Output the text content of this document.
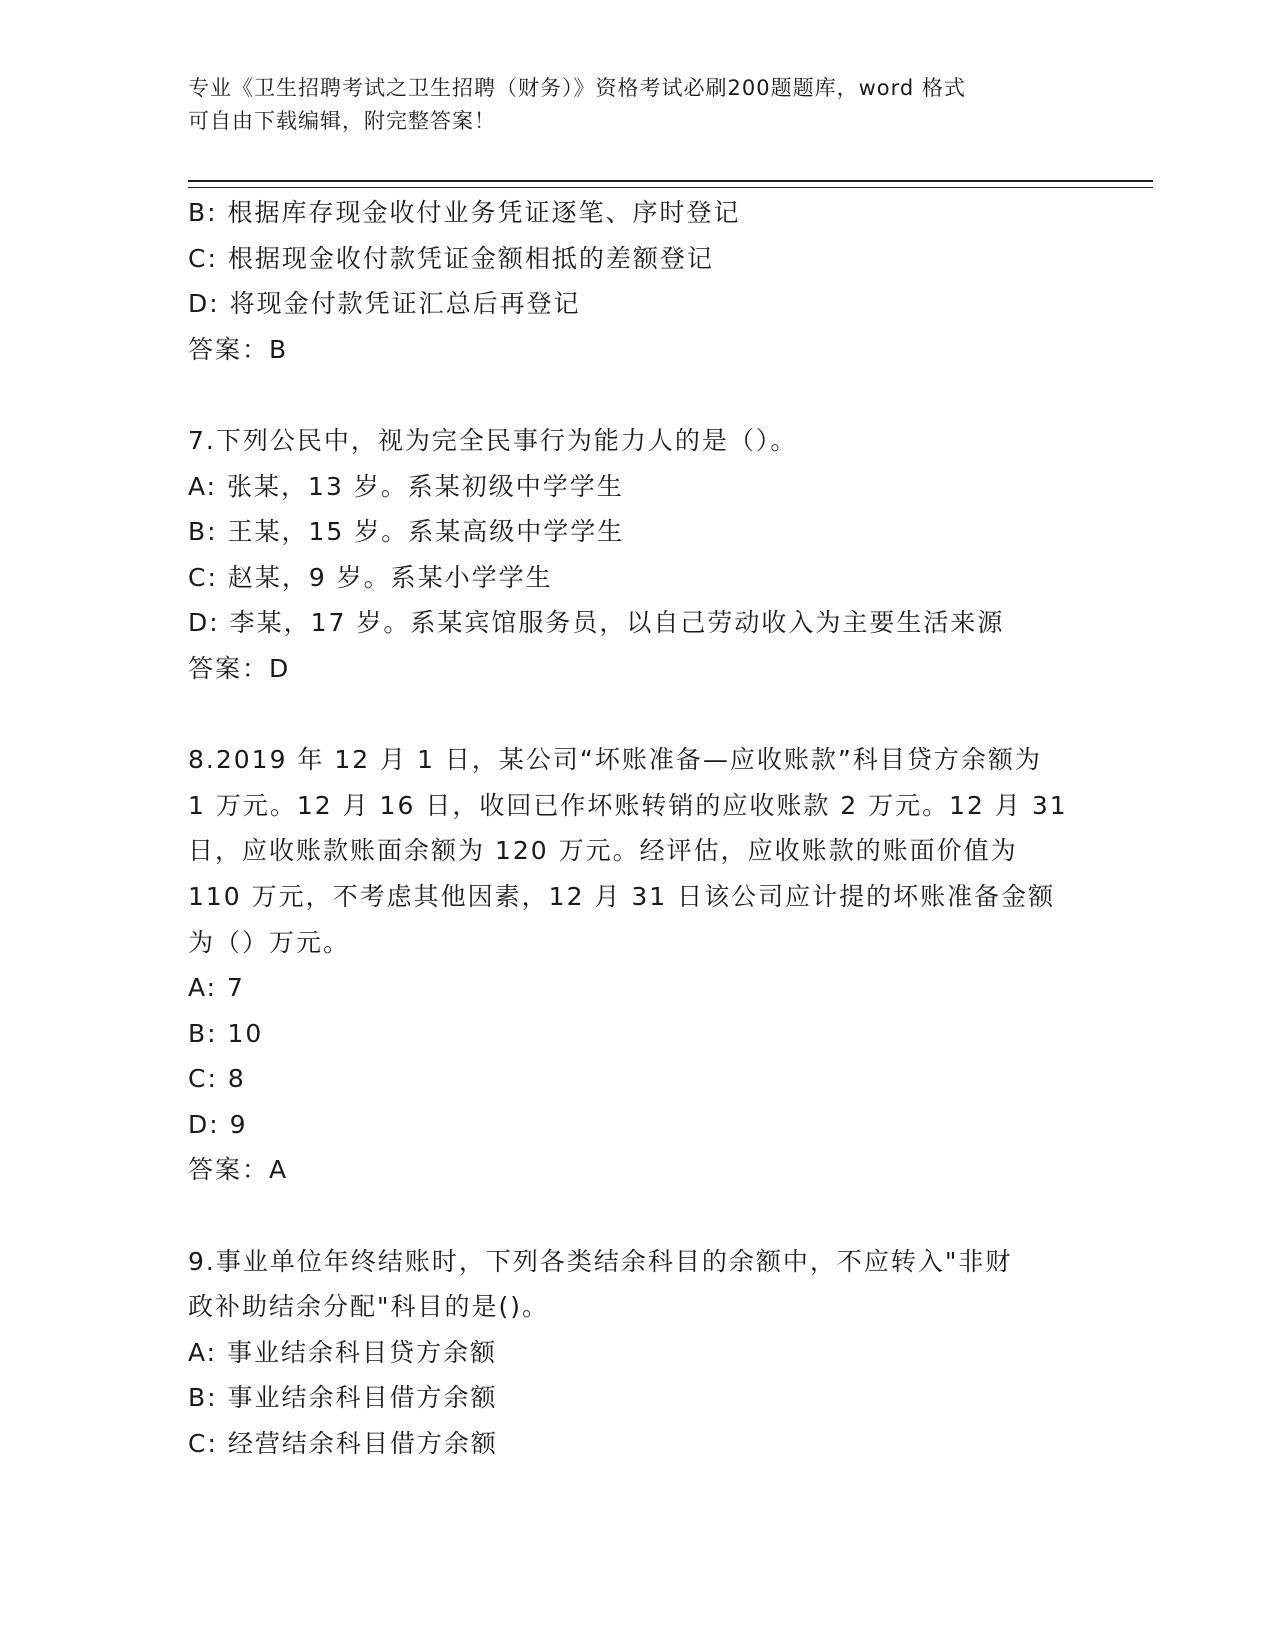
专业《卫生招聘考试之卫生招聘（财务）》资格考试必刷200题题库，word 格式
可自由下载编辑，附完整答案！
B: 根据库存现金收付业务凭证逐笔、序时登记
C: 根据现金收付款凭证金额相抵的差额登记
D: 将现金付款凭证汇总后再登记
答案：B
7.下列公民中，视为完全民事行为能力人的是（）。
A: 张某，13 岁。系某初级中学学生
B: 王某，15 岁。系某高级中学学生
C: 赵某，9 岁。系某小学学生
D: 李某，17 岁。系某宾馆服务员，以自己劳动收入为主要生活来源
答案：D
8.2019 年 12 月 1 日，某公司“坏账准备—应收账款”科目贷方余额为
1 万元。12 月 16 日，收回已作坏账转销的应收账款 2 万元。12 月 31
日，应收账款账面余额为 120 万元。经评估，应收账款的账面价值为
110 万元，不考虑其他因素，12 月 31 日该公司应计提的坏账准备金额
为（）万元。
A: 7
B: 10
C: 8
D: 9
答案：A
9.事业单位年终结账时，下列各类结余科目的余额中，不应转入"非财
政补助结余分配"科目的是()。
A: 事业结余科目贷方余额
B: 事业结余科目借方余额
C: 经营结余科目借方余额
